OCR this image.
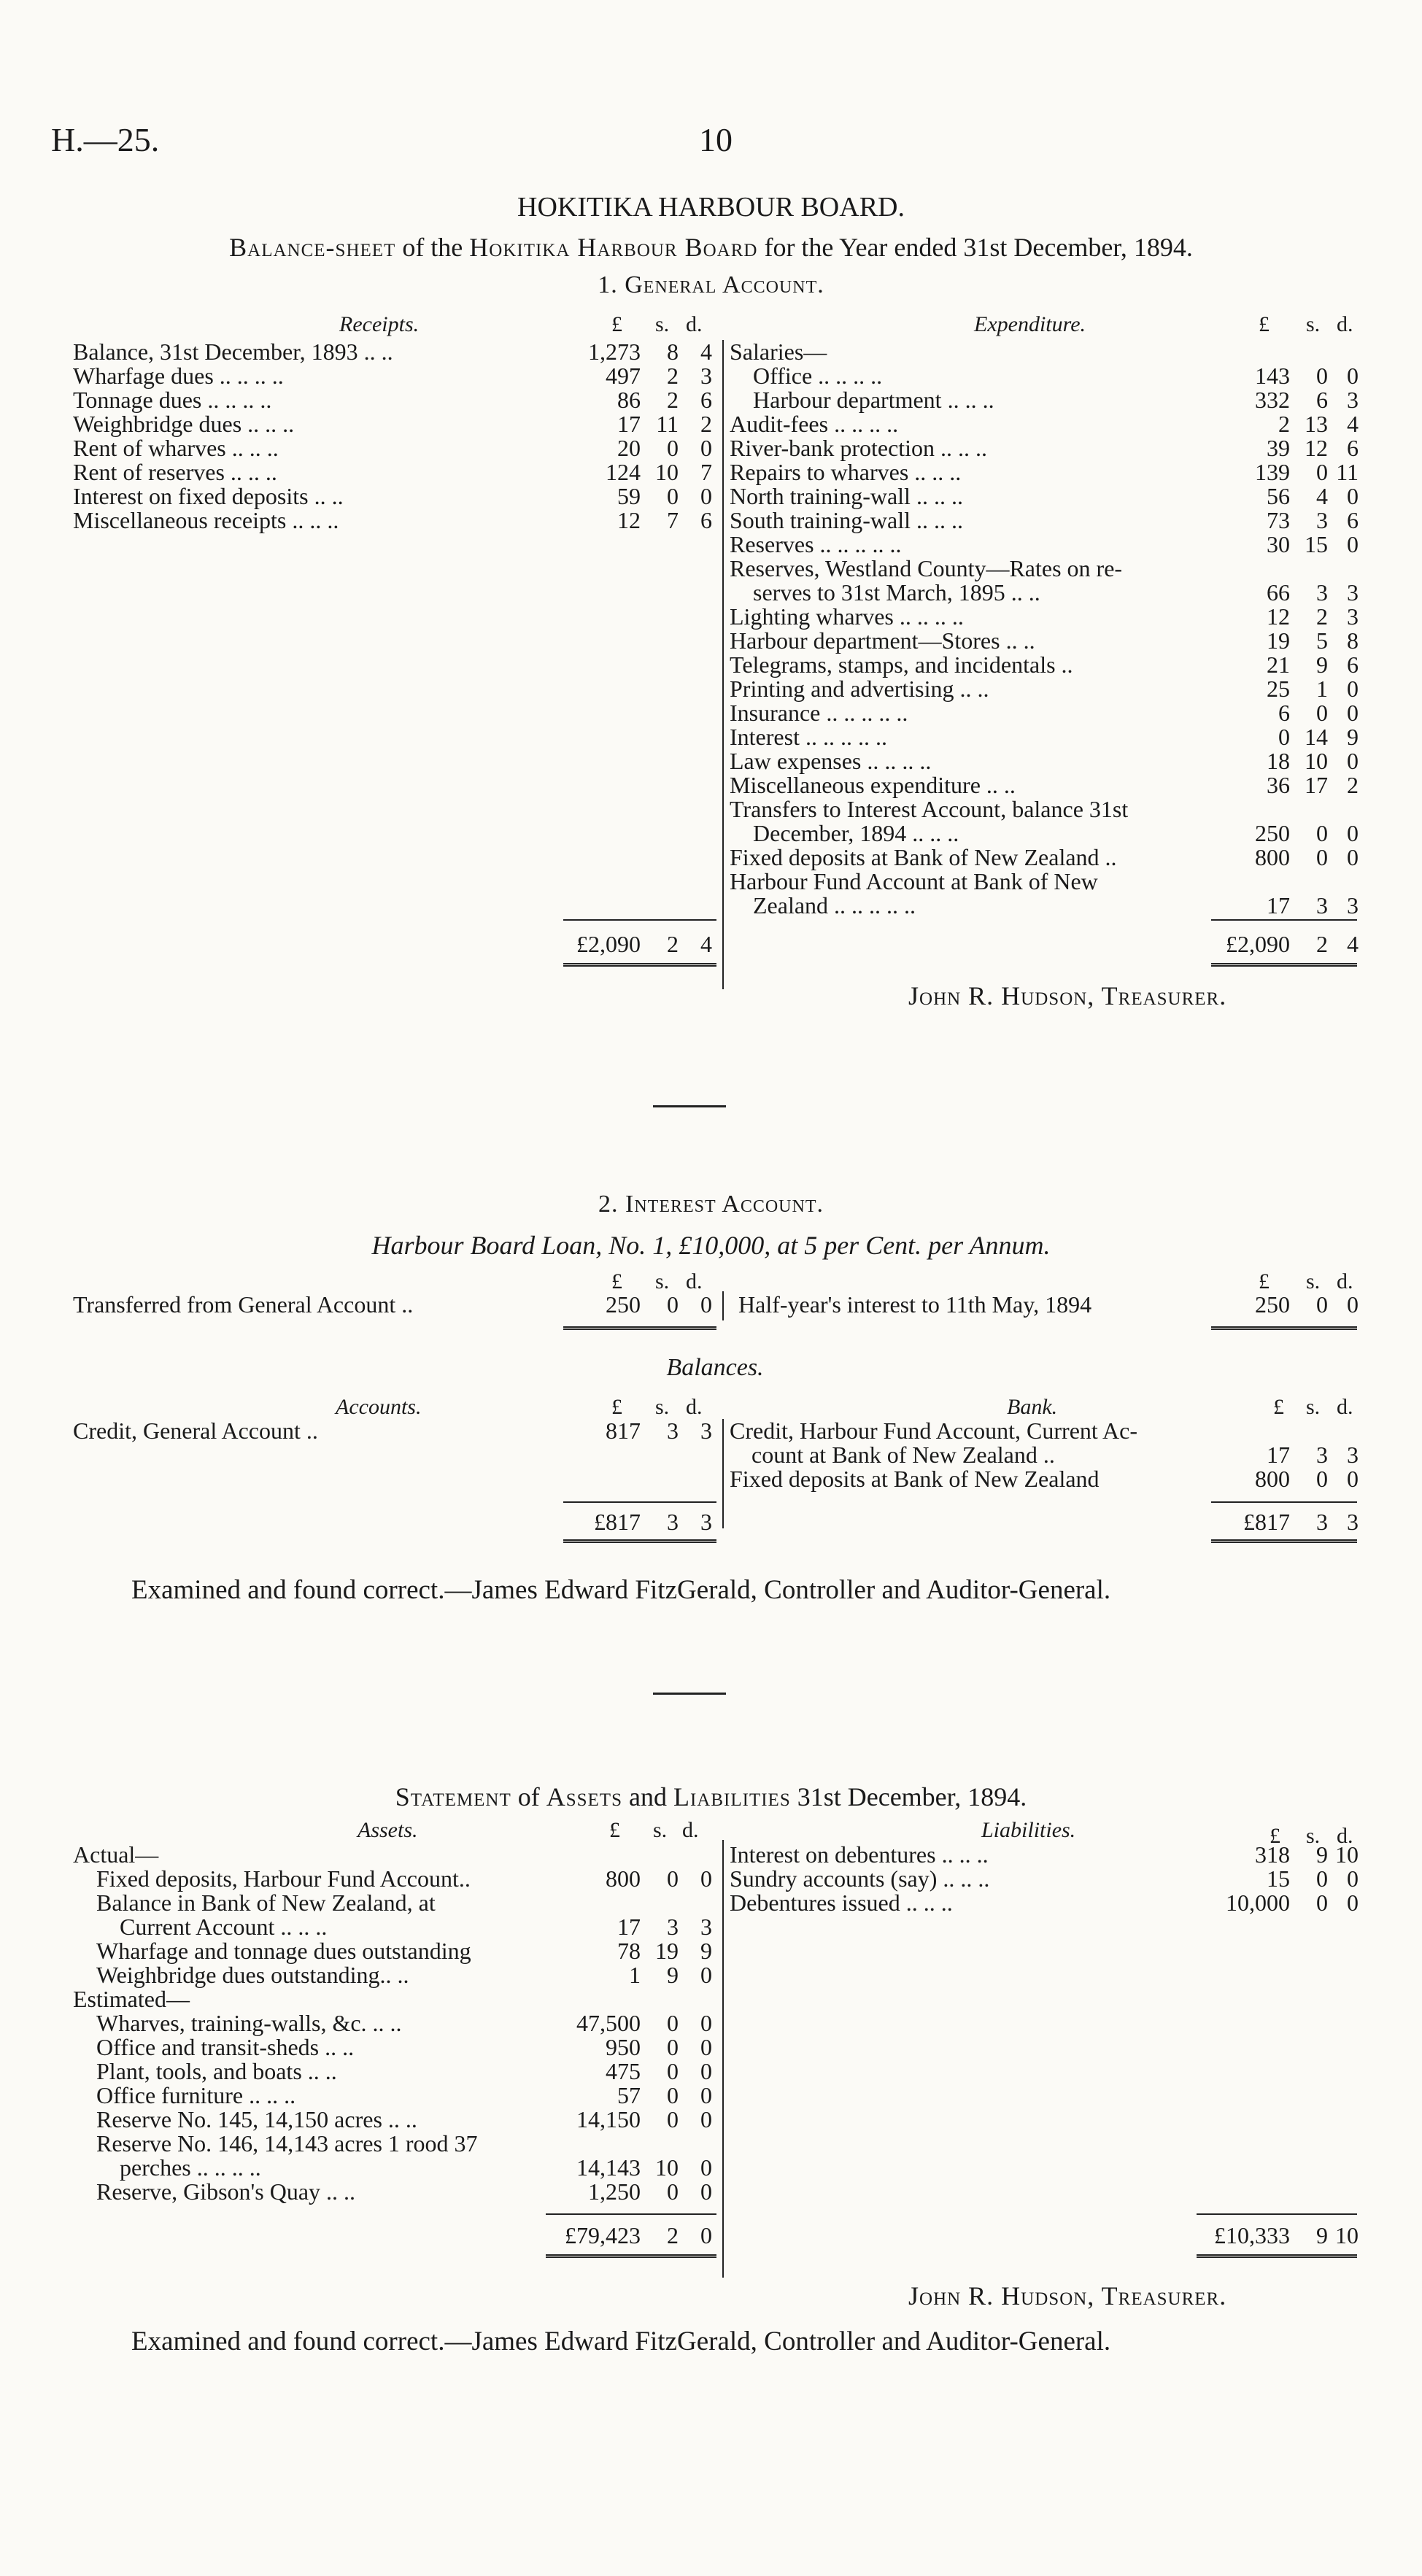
H.—25.	10
HOKITIKA HARBOUR BOARD.
Balance-sheet of the Hokitika Harbour Board for the Year ended 31st December, 1894.
1. General Account.
Receipts.	£ s. d.	Expenditure.	£ s. d.
Balance, 31st December, 1893 .. ..	1,273	8 4
Wharfage dues .. .. .. ..	497	2 3
Tonnage dues .. .. .. ..	86	2 6
Weighbridge dues .. .. ..	17 11 2
Rent of wharves .. .. ..	20	0 0
Rent of reserves .. .. ..	124 10 7
Interest on fixed deposits .. ..	59	0 0
Miscellaneous receipts .. .. ..	12	7 6
Salaries—
Office .. .. .. ..	143	0 0
Harbour department .. .. ..	332	6 3
Audit-fees .. .. .. ..	2 13 4
River-bank protection .. .. ..	39 12 6
Repairs to wharves .. .. ..	139	0 11
North training-wall .. .. ..	56	4 0
South training-wall .. .. ..	73	3 6
Reserves .. .. .. .. ..	30 15 0
Reserves, Westland County—Rates on re-
serves to 31st March, 1895 .. ..	66	3 3
Lighting wharves .. .. .. ..	12	2 3
Harbour department—Stores .. ..	19	5 8
Telegrams, stamps, and incidentals ..	21	9 6
Printing and advertising .. ..	25	1 0
Insurance .. .. .. .. ..	6	0 0
Interest .. .. .. .. ..	0 14 9
Law expenses .. .. .. ..	18 10 0
Miscellaneous expenditure .. ..	36 17 2
Transfers to Interest Account, balance 31st
December, 1894 .. .. ..	250	0 0
Fixed deposits at Bank of New Zealand ..	800	0 0
Harbour Fund Account at Bank of New
Zealand .. .. .. .. ..	17	3 3
£2,090	2 4	£2,090	2 4
John R. Hudson, Treasurer.
2. Interest Account.
Harbour Board Loan, No. 1, £10,000, at 5 per Cent. per Annum.
£ s. d.	£ s. d.
Transferred from General Account ..	250	0 0 Half-year's interest to 11th May, 1894	250	0 0
Balances.
Accounts.	£ s. d.	Bank.	£ s. d.
Credit, General Account ..	817	3 3 Credit, Harbour Fund Account, Current Ac-
count at Bank of New Zealand ..	17	3 3
Fixed deposits at Bank of New Zealand	800	0 0
£817	3 3	£817	3 3
Examined and found correct.—James Edward FitzGerald, Controller and Auditor-General.
Statement of Assets and Liabilities 31st December, 1894.
Assets.	£ s. d.	Liabilities.	£ s. d.
Actual—
Fixed deposits, Harbour Fund Account..	800	0 0
Balance in Bank of New Zealand, at
Current Account .. .. ..	17	3 3
Wharfage and tonnage dues outstanding	78 19 9
Weighbridge dues outstanding.. ..	1	9 0
Estimated—
Wharves, training-walls, &c. .. ..	47,500	0 0
Office and transit-sheds .. ..	950	0 0
Plant, tools, and boats .. ..	475	0 0
Office furniture .. .. ..	57	0 0
Reserve No. 145, 14,150 acres .. ..	14,150	0 0
Reserve No. 146, 14,143 acres 1 rood 37
perches .. .. .. ..	14,143 10 0
Reserve, Gibson's Quay .. ..	1,250	0 0
Interest on debentures .. .. ..	318	9 10
Sundry accounts (say) .. .. ..	15	0 0
Debentures issued .. .. ..	10,000	0 0
£79,423	2 0	£10,333	9 10
John R. Hudson, Treasurer.
Examined and found correct.—James Edward FitzGerald, Controller and Auditor-General.
